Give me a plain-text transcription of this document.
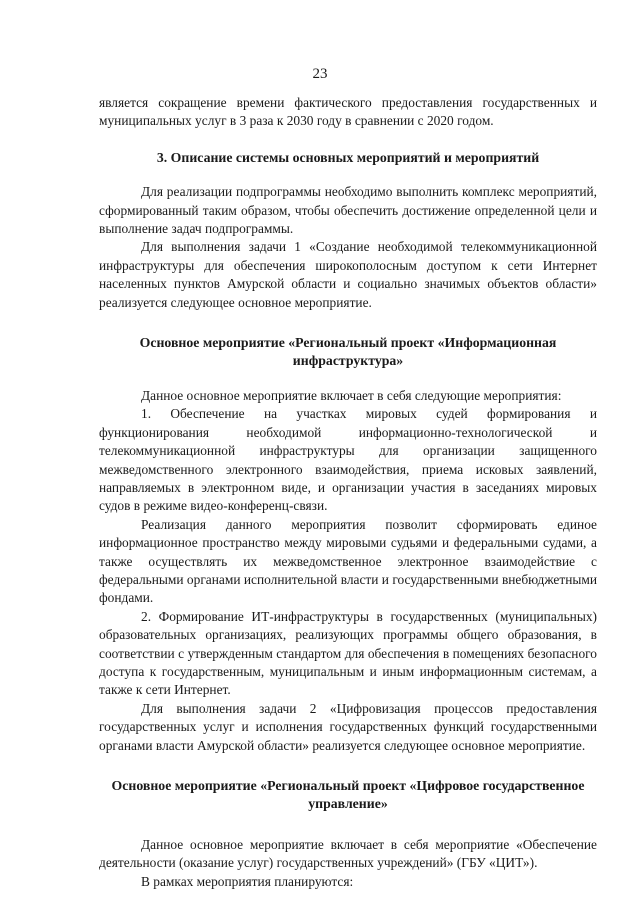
23

является сокращение времени фактического предоставления государственных и муниципальных услуг в 3 раза к 2030 году в сравнении с 2020 годом.

3. Описание системы основных мероприятий и мероприятий

Для реализации подпрограммы необходимо выполнить комплекс мероприятий, сформированный таким образом, чтобы обеспечить достижение определенной цели и выполнение задач подпрограммы.

Для выполнения задачи 1 «Создание необходимой телекоммуникационной инфраструктуры для обеспечения широкополосным доступом к сети Интернет населенных пунктов Амурской области и социально значимых объектов области» реализуется следующее основное мероприятие.

Основное мероприятие «Региональный проект «Информационная инфраструктура»

Данное основное мероприятие включает в себя следующие мероприятия:

1. Обеспечение на участках мировых судей формирования и функционирования необходимой информационно-технологической и телекоммуникационной инфраструктуры для организации защищенного межведомственного электронного взаимодействия, приема исковых заявлений, направляемых в электронном виде, и организации участия в заседаниях мировых судов в режиме видео-конференц-связи.

Реализация данного мероприятия позволит сформировать единое информационное пространство между мировыми судьями и федеральными судами, а также осуществлять их межведомственное электронное взаимодействие с федеральными органами исполнительной власти и государственными внебюджетными фондами.

2. Формирование ИТ-инфраструктуры в государственных (муниципальных) образовательных организациях, реализующих программы общего образования, в соответствии с утвержденным стандартом для обеспечения в помещениях безопасного доступа к государственным, муниципальным и иным информационным системам, а также к сети Интернет.

Для выполнения задачи 2 «Цифровизация процессов предоставления государственных услуг и исполнения государственных функций государственными органами власти Амурской области» реализуется следующее основное мероприятие.

Основное мероприятие «Региональный проект «Цифровое государственное управление»

Данное основное мероприятие включает в себя мероприятие «Обеспечение деятельности (оказание услуг) государственных учреждений» (ГБУ «ЦИТ»).

В рамках мероприятия планируются:
